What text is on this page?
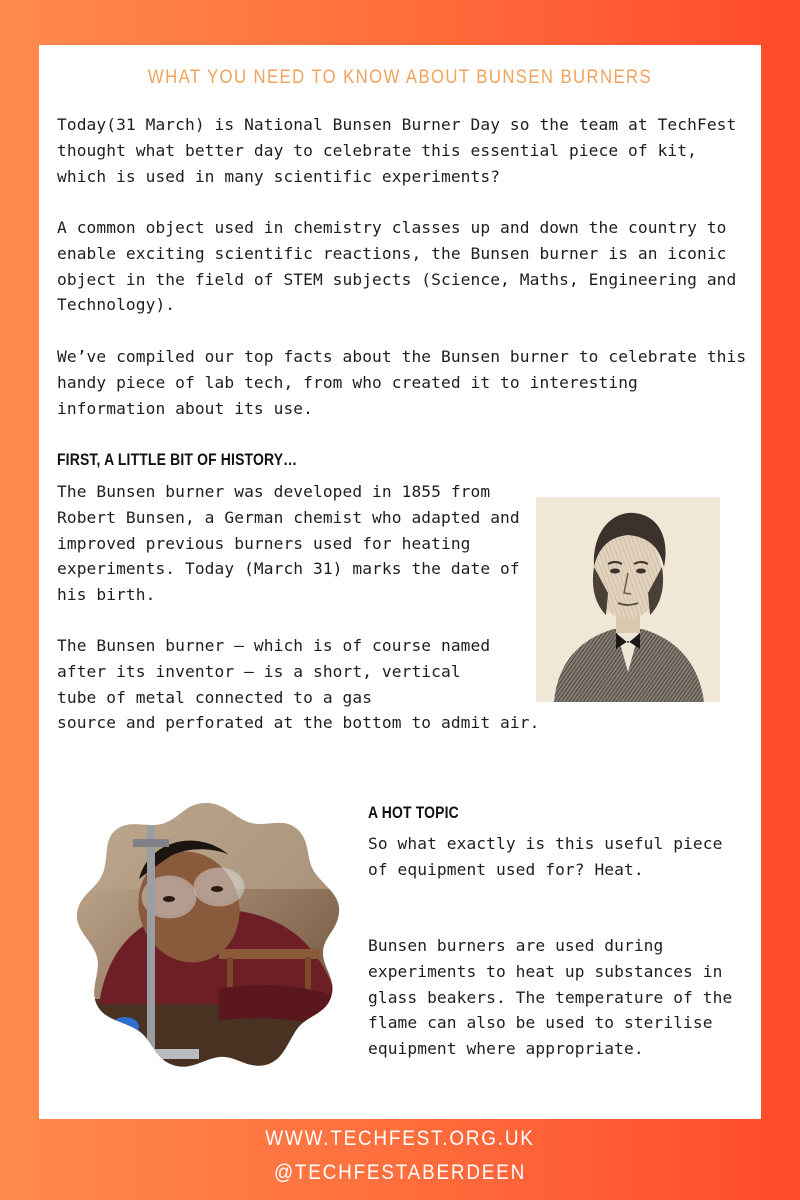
WHAT YOU NEED TO KNOW ABOUT BUNSEN BURNERS

Today(31 March) is National Bunsen Burner Day so the team at TechFest thought what better day to celebrate this essential piece of kit, which is used in many scientific experiments?

A common object used in chemistry classes up and down the country to enable exciting scientific reactions, the Bunsen burner is an iconic object in the field of STEM subjects (Science, Maths, Engineering and Technology).

We’ve compiled our top facts about the Bunsen burner to celebrate this handy piece of lab tech, from who created it to interesting information about its use.

FIRST, A LITTLE BIT OF HISTORY…

The Bunsen burner was developed in 1855 from Robert Bunsen, a German chemist who adapted and improved previous burners used for heating experiments. Today (March 31) marks the date of his birth.

The Bunsen burner – which is of course named after its inventor – is a short, vertical tube of metal connected to a gas

source and perforated at the bottom to admit air.

A HOT TOPIC

So what exactly is this useful piece of equipment used for? Heat.

Bunsen burners are used during experiments to heat up substances in glass beakers. The temperature of the flame can also be used to sterilise equipment where appropriate.

WWW.TECHFEST.ORG.UK
@TECHFESTABERDEEN
